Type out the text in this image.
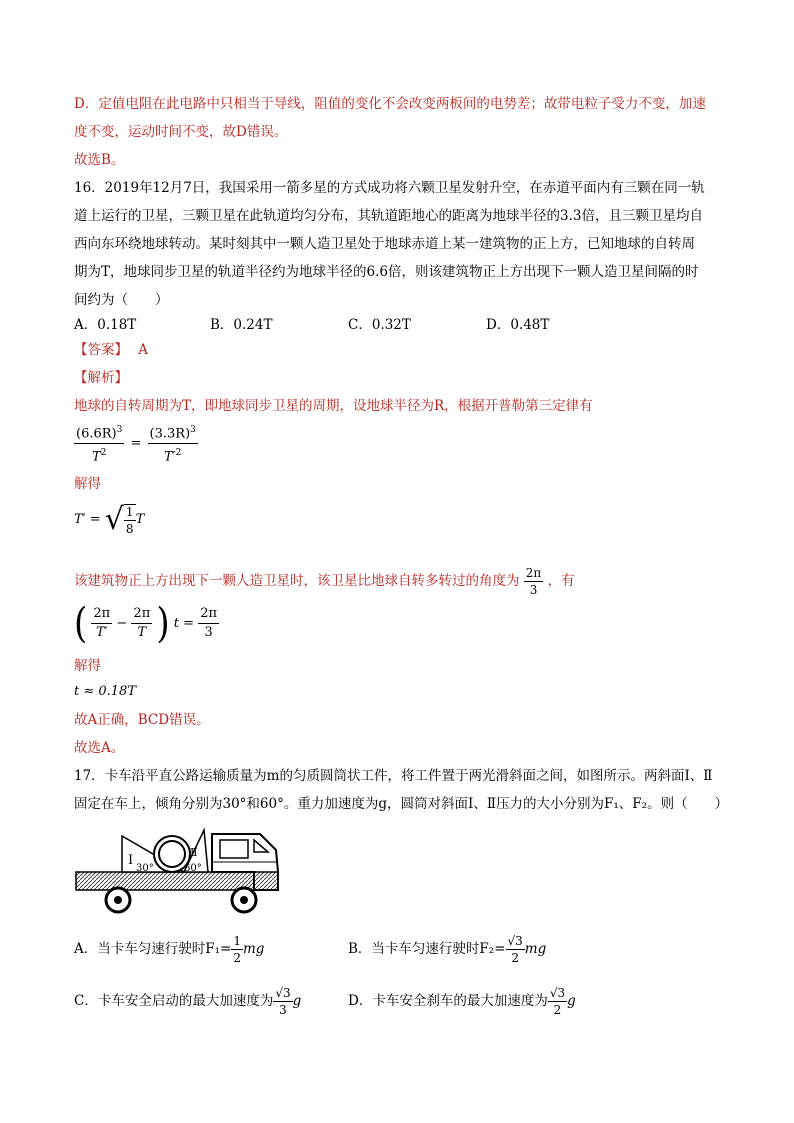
D．定值电阻在此电路中只相当于导线，阻值的变化不会改变两板间的电势差；故带电粒子受力不变，加速
度不变，运动时间不变，故D错误。
故选B。
16．2019年12月7日，我国采用一箭多星的方式成功将六颗卫星发射升空，在赤道平面内有三颗在同一轨
道上运行的卫星，三颗卫星在此轨道均匀分布，其轨道距地心的距离为地球半径的3.3倍，且三颗卫星均自
西向东环绕地球转动。某时刻其中一颗人造卫星处于地球赤道上某一建筑物的正上方，已知地球的自转周
期为T，地球同步卫星的轨道半径约为地球半径的6.6倍，则该建筑物正上方出现下一颗人造卫星间隔的时
间约为（　　）
A．0.18T	B．0.24T	C．0.32T	D．0.48T
【答案】 A
【解析】
地球的自转周期为T，即地球同步卫星的周期，设地球半径为R，根据开普勒第三定律有
$\frac{(6.6R)^3}{T^2} = \frac{(3.3R)^3}{T'^2}$
解得
T′ = √ $\frac{1}{8}$ T
该建筑物正上方出现下一颗人造卫星时，该卫星比地球自转多转过的角度为 $\frac{2\pi}{3}$ ，有
( $\frac{2\pi}{T'} - \frac{2\pi}{T}$ ) $t = \frac{2\pi}{3}$
解得
t ≈ 0.18T
故A正确，BCD错误。
故选A。
17．卡车沿平直公路运输质量为m的匀质圆筒状工件，将工件置于两光滑斜面之间，如图所示。两斜面Ⅰ、Ⅱ
固定在车上，倾角分别为30°和60°。重力加速度为g，圆筒对斜面Ⅰ、Ⅱ压力的大小分别为F₁、F₂。则（　　）
Ⅰ
Ⅱ
30°	60°
A．当卡车匀速行驶时$F_1= \frac{1}{2}$ mg	B．当卡车匀速行驶时$F_2= \frac{√3}{2}$ mg
C．卡车安全启动的最大加速度为 $\frac{√3}{3}$ g	D．卡车安全刹车的最大加速度为 $\frac{√3}{2}$ g
